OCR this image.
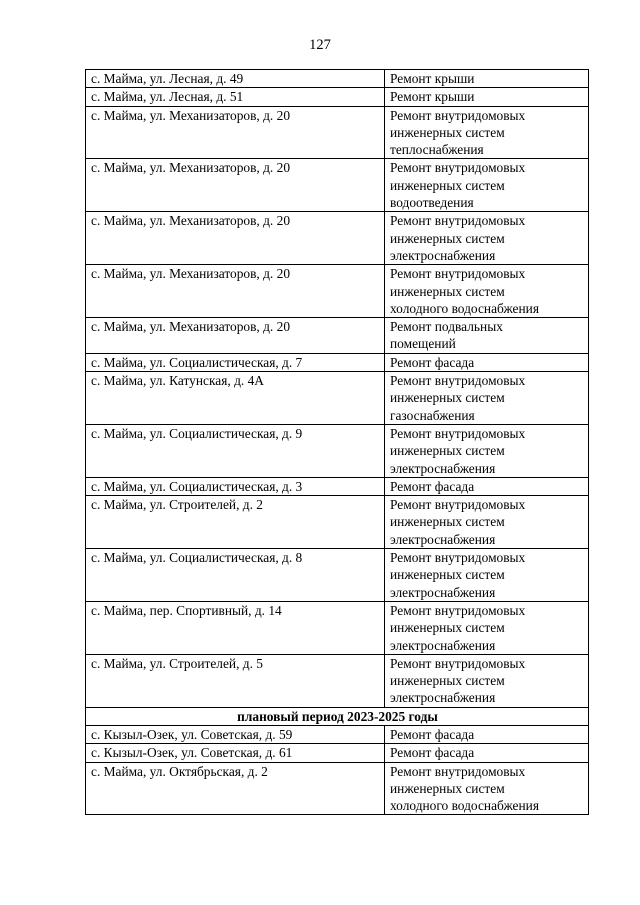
127
с. Майма, ул. Лесная, д. 49	Ремонт крыши

с. Майма, ул. Лесная, д. 51	Ремонт крыши

с. Майма, ул. Механизаторов, д. 20	Ремонт внутридомовых
инженерных систем
теплоснабжения

с. Майма, ул. Механизаторов, д. 20	Ремонт внутридомовых
инженерных систем
водоотведения

с. Майма, ул. Механизаторов, д. 20	Ремонт внутридомовых
инженерных систем
электроснабжения

с. Майма, ул. Механизаторов, д. 20	Ремонт внутридомовых
инженерных систем
холодного водоснабжения

с. Майма, ул. Механизаторов, д. 20	Ремонт подвальных
помещений

с. Майма, ул. Социалистическая, д. 7	Ремонт фасада

с. Майма, ул. Катунская, д. 4А	Ремонт внутридомовых
инженерных систем
газоснабжения

с. Майма, ул. Социалистическая, д. 9	Ремонт внутридомовых
инженерных систем
электроснабжения

с. Майма, ул. Социалистическая, д. 3	Ремонт фасада

с. Майма, ул. Строителей, д. 2	Ремонт внутридомовых
инженерных систем
электроснабжения

с. Майма, ул. Социалистическая, д. 8	Ремонт внутридомовых
инженерных систем
электроснабжения

с. Майма, пер. Спортивный, д. 14	Ремонт внутридомовых
инженерных систем
электроснабжения

с. Майма, ул. Строителей, д. 5	Ремонт внутридомовых
инженерных систем
электроснабжения

плановый период 2023-2025 годы	
с. Кызыл-Озек, ул. Советская, д. 59	Ремонт фасада

с. Кызыл-Озек, ул. Советская, д. 61	Ремонт фасада

с. Майма, ул. Октябрьская, д. 2	Ремонт внутридомовых
инженерных систем
холодного водоснабжения
